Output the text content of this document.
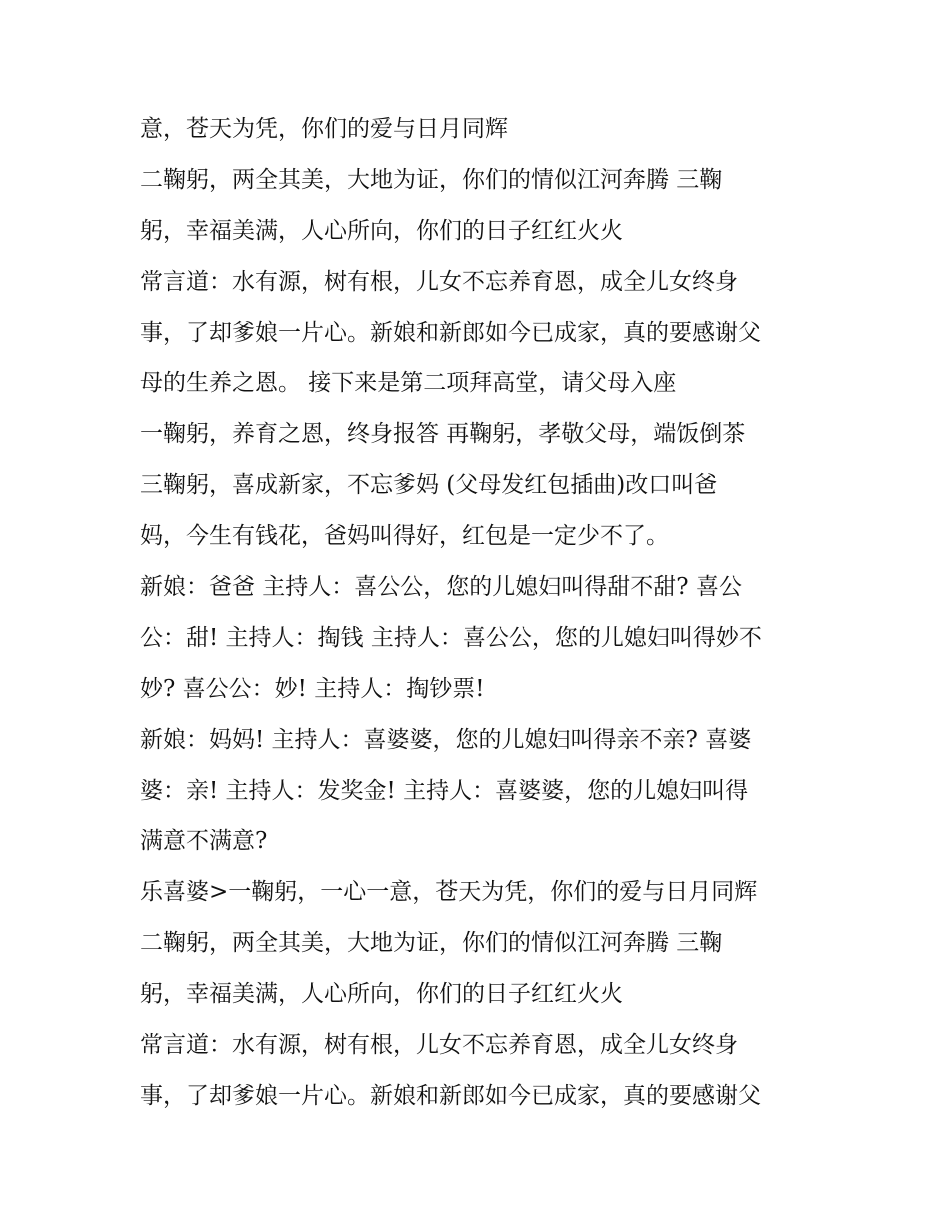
意，苍天为凭，你们的爱与日月同辉
二鞠躬，两全其美，大地为证，你们的情似江河奔腾 三鞠
躬，幸福美满，人心所向，你们的日子红红火火
常言道：水有源，树有根，儿女不忘养育恩，成全儿女终身
事，了却爹娘一片心。新娘和新郎如今已成家，真的要感谢父
母的生养之恩。 接下来是第二项拜高堂，请父母入座
一鞠躬，养育之恩，终身报答 再鞠躬，孝敬父母，端饭倒茶
三鞠躬，喜成新家，不忘爹妈 (父母发红包插曲)改口叫爸
妈，今生有钱花，爸妈叫得好，红包是一定少不了。
新娘：爸爸 主持人：喜公公，您的儿媳妇叫得甜不甜? 喜公
公：甜! 主持人：掏钱 主持人：喜公公，您的儿媳妇叫得妙不
妙? 喜公公：妙! 主持人：掏钞票!
新娘：妈妈! 主持人：喜婆婆，您的儿媳妇叫得亲不亲? 喜婆
婆：亲! 主持人：发奖金! 主持人：喜婆婆，您的儿媳妇叫得
满意不满意?
乐喜婆>一鞠躬，一心一意，苍天为凭，你们的爱与日月同辉
二鞠躬，两全其美，大地为证，你们的情似江河奔腾 三鞠
躬，幸福美满，人心所向，你们的日子红红火火
常言道：水有源，树有根，儿女不忘养育恩，成全儿女终身
事，了却爹娘一片心。新娘和新郎如今已成家，真的要感谢父
